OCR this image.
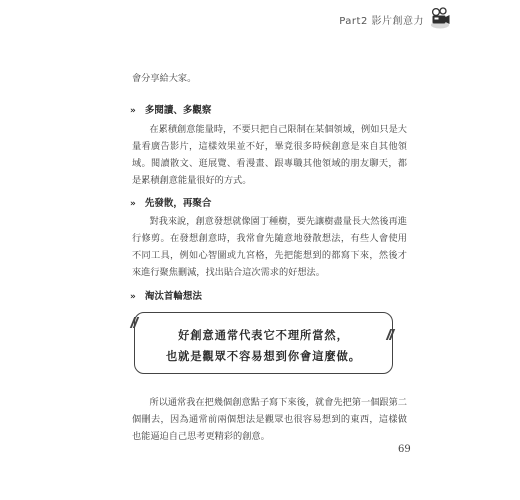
Part2 影片創意力
會分享給大家。
» 多閱讀、多觀察
在累積創意能量時，不要只把自己限制在某個領域，例如只是大量看廣告影片，這樣效果並不好，畢竟很多時候創意是來自其他領域。閱讀散文、逛展覽、看漫畫、跟專職其他領域的朋友聊天，都是累積創意能量很好的方式。
» 先發散，再聚合
對我來說，創意發想就像園丁種樹，要先讓樹盡量長大然後再進行修剪。在發想創意時，我常會先隨意地發散想法，有些人會使用不同工具，例如心智圖或九宮格，先把能想到的都寫下來，然後才來進行聚焦刪減，找出貼合這次需求的好想法。
» 淘汰首輪想法
好創意通常代表它不理所當然，
也就是觀眾不容易想到你會這麼做。
所以通常我在把幾個創意點子寫下來後，就會先把第一個跟第二個刪去，因為通常前兩個想法是觀眾也很容易想到的東西，這樣做也能逼迫自己思考更精彩的創意。
69
